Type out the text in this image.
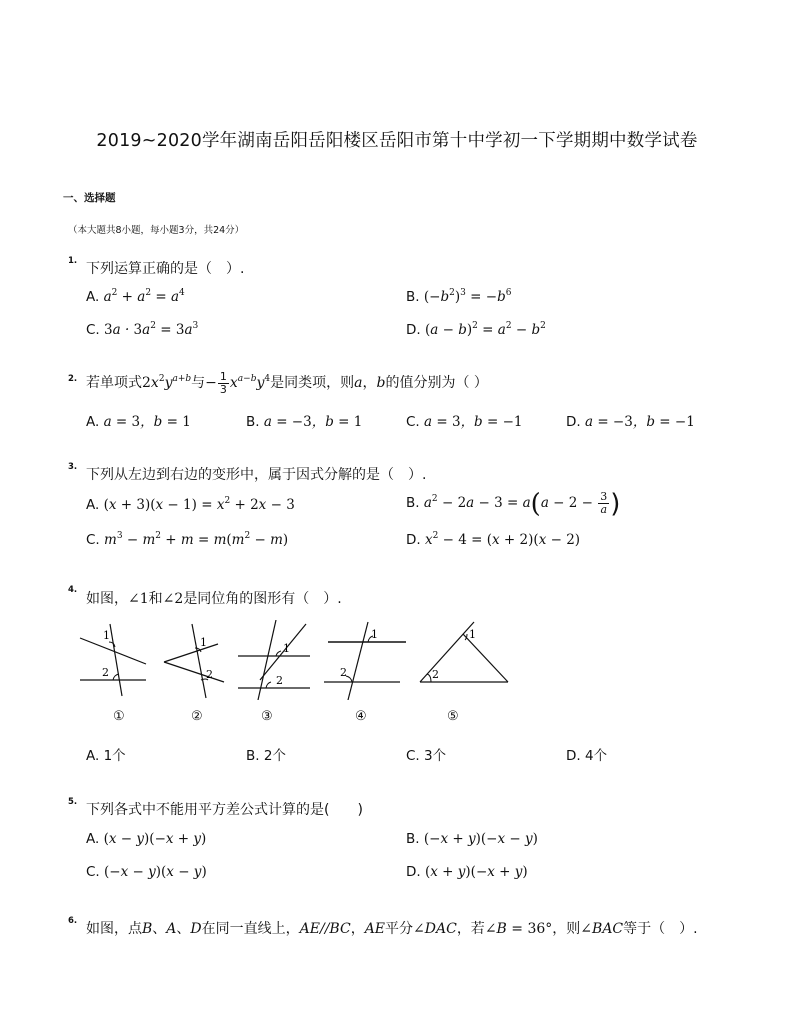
2019~2020学年湖南岳阳岳阳楼区岳阳市第十中学初一下学期期中数学试卷
一、选择题
（本大题共8小题，每小题3分，共24分）
1. 下列运算正确的是（　）.
A. $a^2 + a^2 = a^4$	B. $(-b^2)^3 = -b^6$
C. $3a \cdot 3a^2 = 3a^3$	D. $(a - b)^2 = a^2 - b^2$
2. 若单项式$2x^2y^{a+b}$与− $\frac{1}{3} x^{a-b}y^4$是同类项，则a，b的值分别为（ ）
A. a = 3，b = 1	B. a = −3，b = 1	C. a = 3，b = −1	D. a = −3，b = −1
3. 下列从左边到右边的变形中，属于因式分解的是（　）.
A. $(x + 3)(x - 1) = x^2 + 2x - 3$	B. $a^2 - 2a - 3 = a(a - 2 - \frac{3}{a}$ )
C. $m^3 - m^2 + m = m(m^2 - m)$	D. $x^2 - 4 = (x + 2)(x - 2)$
4.
如图，∠1和∠2是同位角的图形有（　）.
1
2
1
2
1
2
1
2
1
2
①	②	③	④	⑤
A. 1个	B. 2个	C. 3个	D. 4个
5. 下列各式中不能用平方差公式计算的是(　　)
A. (x − y)(−x + y)	B. (−x + y)(−x − y)
C. (−x − y)(x − y)	D. (x + y)(−x + y)
6. 如图，点B、A、D在同一直线上，AE//BC，AE平分∠DAC，若∠B = 36°，则∠BAC等于（　）.
